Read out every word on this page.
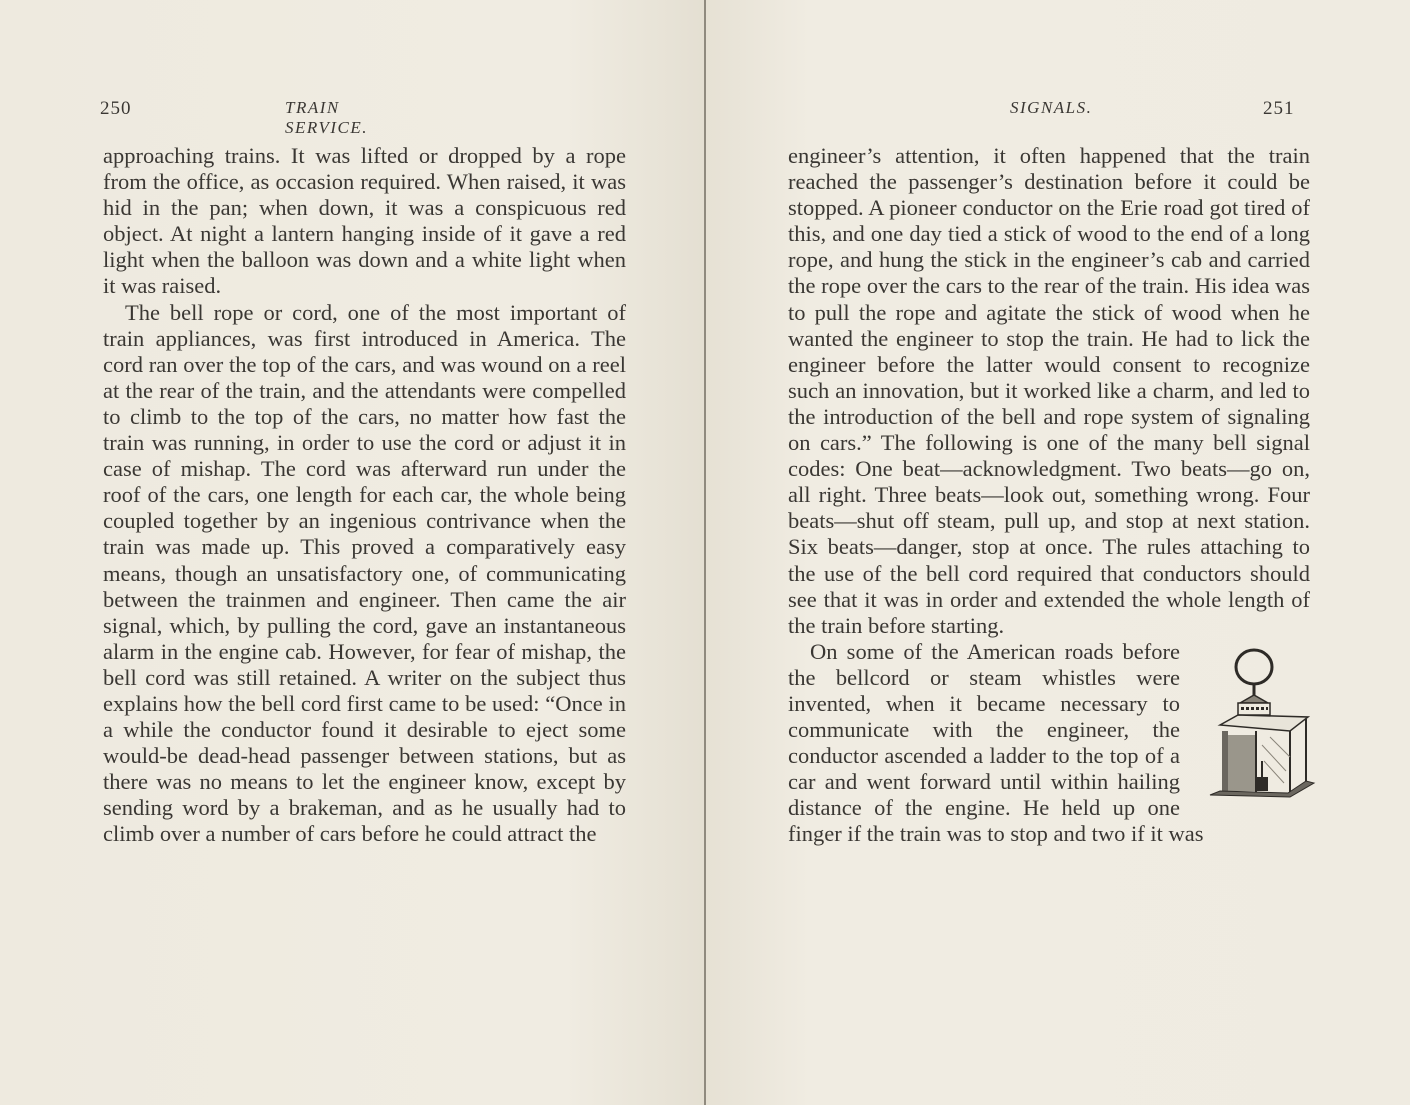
250	TRAIN SERVICE.

approaching trains. It was lifted or dropped by a rope from the office, as occasion required. When raised, it was hid in the pan; when down, it was a conspicuous red object. At night a lantern hanging inside of it gave a red light when the balloon was down and a white light when it was raised.

The bell rope or cord, one of the most important of train appliances, was first introduced in America. The cord ran over the top of the cars, and was wound on a reel at the rear of the train, and the attendants were compelled to climb to the top of the cars, no matter how fast the train was running, in order to use the cord or adjust it in case of mishap. The cord was afterward run under the roof of the cars, one length for each car, the whole being coupled together by an ingenious contrivance when the train was made up. This proved a comparatively easy means, though an unsatisfactory one, of communicating between the trainmen and engineer. Then came the air signal, which, by pulling the cord, gave an instantaneous alarm in the engine cab. However, for fear of mishap, the bell cord was still retained. A writer on the subject thus explains how the bell cord first came to be used: “Once in a while the conductor found it desirable to eject some would-be dead-head passenger between stations, but as there was no means to let the engineer know, except by sending word by a brakeman, and as he usually had to climb over a number of cars before he could attract the

SIGNALS.	251

engineer’s attention, it often happened that the train reached the passenger’s destination before it could be stopped. A pioneer conductor on the Erie road got tired of this, and one day tied a stick of wood to the end of a long rope, and hung the stick in the engineer’s cab and carried the rope over the cars to the rear of the train. His idea was to pull the rope and agitate the stick of wood when he wanted the engineer to stop the train. He had to lick the engineer before the latter would consent to recognize such an innovation, but it worked like a charm, and led to the introduction of the bell and rope system of signaling on cars.” The following is one of the many bell signal codes: One beat—acknowledgment. Two beats—go on, all right. Three beats—look out, something wrong. Four beats—shut off steam, pull up, and stop at next station. Six beats—danger, stop at once. The rules attaching to the use of the bell cord required that conductors should see that it was in order and extended the whole length of the train before starting.

On some of the American roads before the bellcord or steam whistles were invented, when it became necessary to communicate with the engineer, the conductor ascended a ladder to the top of a car and went forward until within hailing distance of the engine. He held up one finger if the train was to stop and two if it was
